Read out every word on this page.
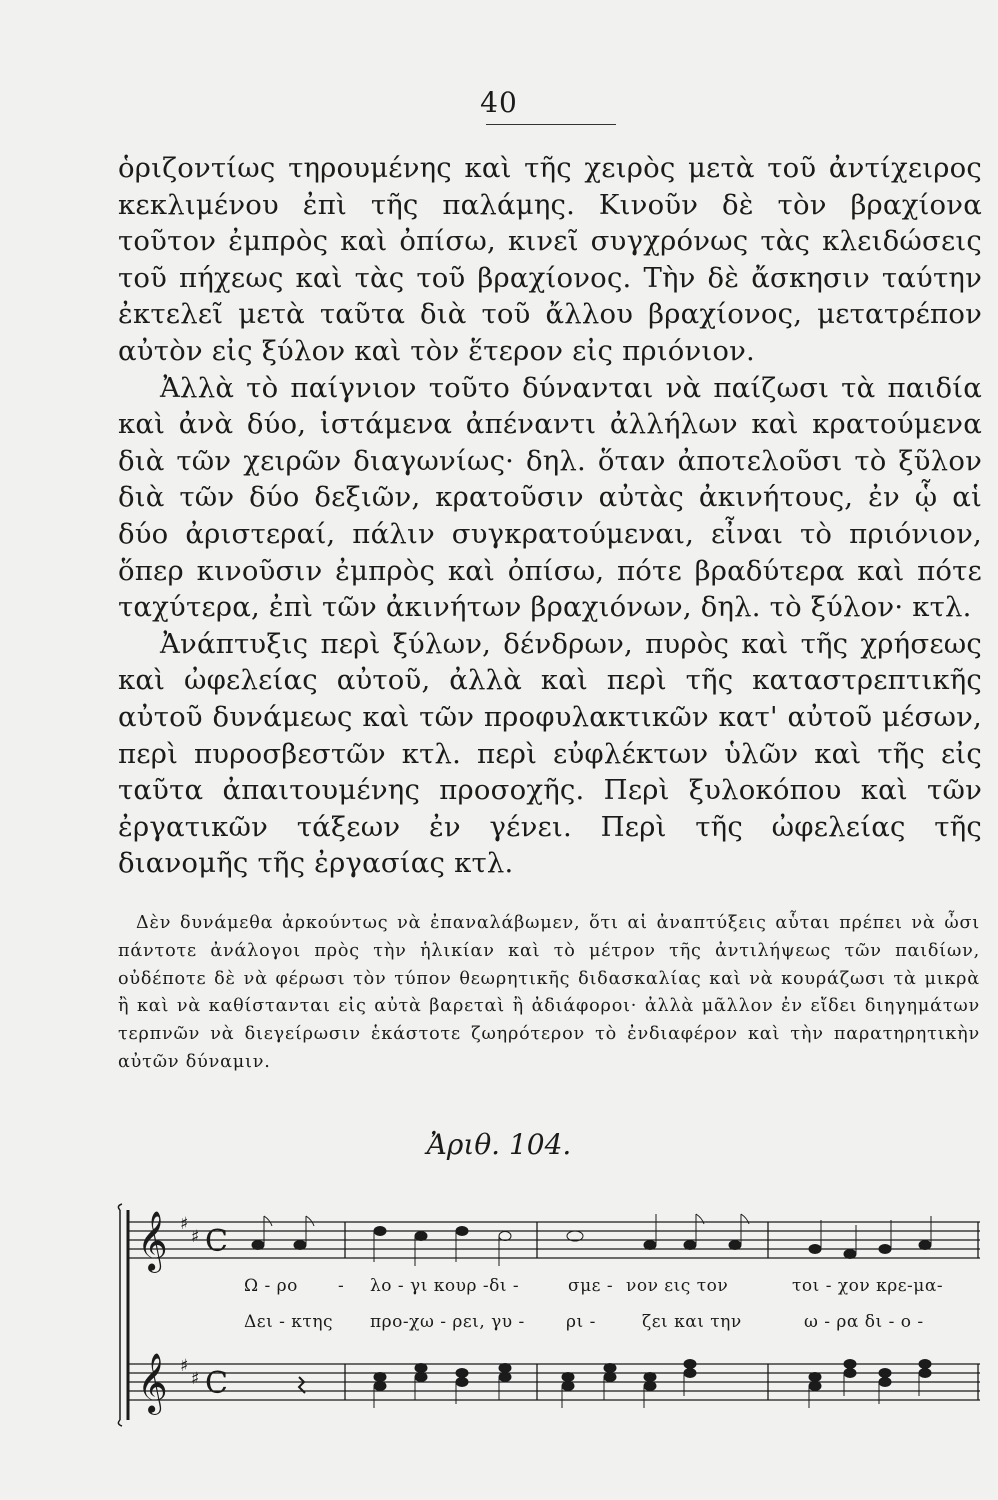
40

ὁριζοντίως τηρουμένης καὶ τῆς χειρὸς μετὰ τοῦ ἀντίχειρος κεκλιμένου ἐπὶ τῆς παλάμης. Κινοῦν δὲ τὸν βραχίονα τοῦτον ἐμπρὸς καὶ ὀπίσω, κινεῖ συγχρόνως τὰς κλειδώσεις τοῦ πήχεως καὶ τὰς τοῦ βραχίονος. Τὴν δὲ ἄσκησιν ταύτην ἐκτελεῖ μετὰ ταῦτα διὰ τοῦ ἄλλου βραχίονος, μετατρέπον αὐτὸν εἰς ξύλον καὶ τὸν ἕτερον εἰς πριόνιον.

Ἀλλὰ τὸ παίγνιον τοῦτο δύνανται νὰ παίζωσι τὰ παιδία καὶ ἀνὰ δύο, ἱστάμενα ἀπέναντι ἀλλήλων καὶ κρατούμενα διὰ τῶν χειρῶν διαγωνίως· δηλ. ὅταν ἀποτελοῦσι τὸ ξῦλον διὰ τῶν δύο δεξιῶν, κρατοῦσιν αὐτὰς ἀκινήτους, ἐν ᾧ αἱ δύο ἀριστεραί, πάλιν συγκρατούμεναι, εἶναι τὸ πριόνιον, ὅπερ κινοῦσιν ἐμπρὸς καὶ ὀπίσω, πότε βραδύτερα καὶ πότε ταχύτερα, ἐπὶ τῶν ἀκινήτων βραχιόνων, δηλ. τὸ ξύλον· κτλ.

Ἀνάπτυξις περὶ ξύλων, δένδρων, πυρὸς καὶ τῆς χρήσεως καὶ ὠφελείας αὐτοῦ, ἀλλὰ καὶ περὶ τῆς καταστρεπτικῆς αὐτοῦ δυνάμεως καὶ τῶν προφυλακτικῶν κατ' αὐτοῦ μέσων, περὶ πυροσβεστῶν κτλ. περὶ εὐφλέκτων ὑλῶν καὶ τῆς εἰς ταῦτα ἀπαιτουμένης προσοχῆς. Περὶ ξυλοκόπου καὶ τῶν ἐργατικῶν τάξεων ἐν γένει. Περὶ τῆς ὠφελείας τῆς διανομῆς τῆς ἐργασίας κτλ.

Δὲν δυνάμεθα ἀρκούντως νὰ ἐπαναλάβωμεν, ὅτι αἱ ἀναπτύξεις αὗται πρέπει νὰ ὦσι πάντοτε ἀνάλογοι πρὸς τὴν ἡλικίαν καὶ τὸ μέτρον τῆς ἀντιλήψεως τῶν παιδίων, οὐδέποτε δὲ νὰ φέρωσι τὸν τύπον θεωρητικῆς διδασκαλίας καὶ νὰ κουράζωσι τὰ μικρὰ ἢ καὶ νὰ καθίστανται εἰς αὐτὰ βαρεταὶ ἢ ἀδιάφοροι· ἀλλὰ μᾶλλον ἐν εἴδει διηγημάτων τερπνῶν νὰ διεγείρωσιν ἑκάστοτε ζωηρότερον τὸ ἐνδιαφέρον καὶ τὴν παρατηρητικὴν αὐτῶν δύναμιν.

Ἀριθ. 104.
𝄞
𝄞
♯
♯
♯
♯
C
C
Ω - ρο - λο - γι κουρ -δι -	σμε - νον εις τον	τοι - χον κρε-μα-
Δει - κτης προ-χω - ρει, γυ - ρι -	ζει και την	ω - ρα δι - ο -
